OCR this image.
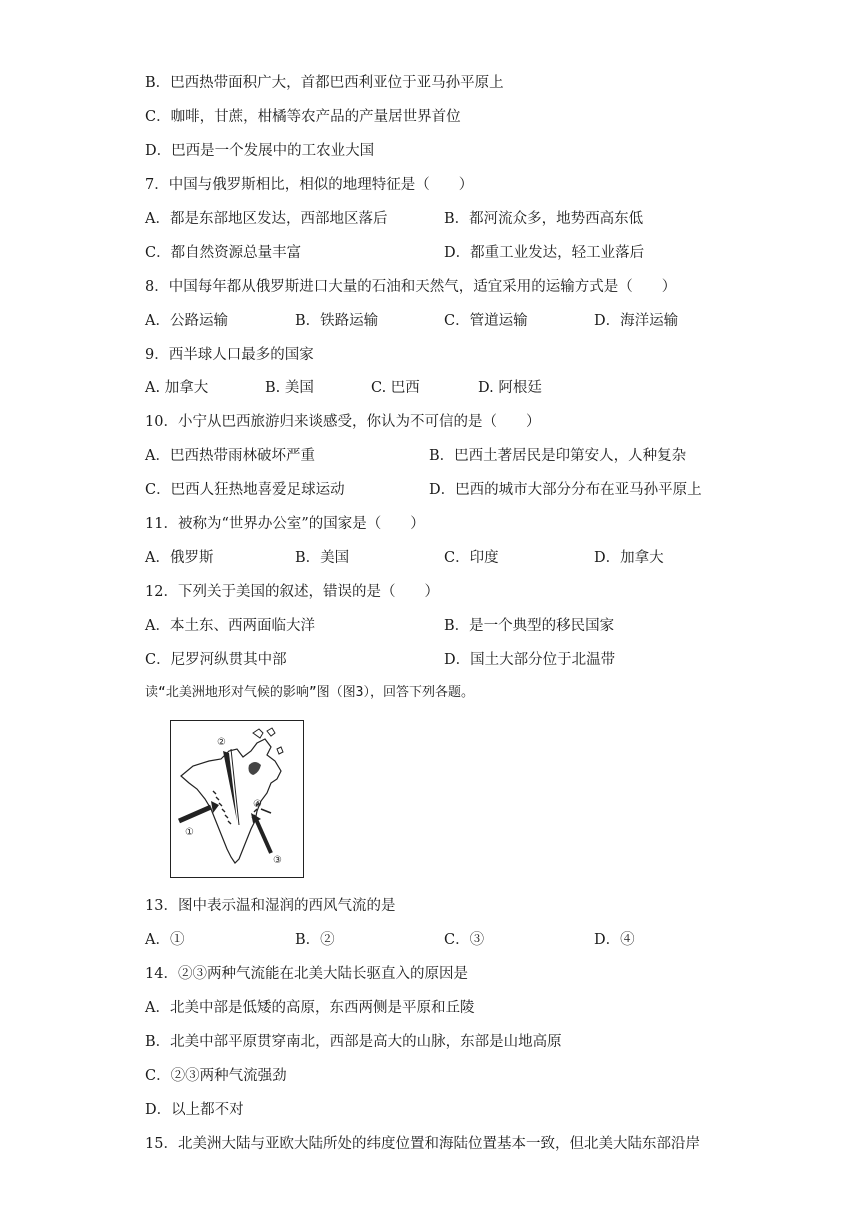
B．巴西热带面积广大，首都巴西利亚位于亚马孙平原上
C．咖啡，甘蔗，柑橘等农产品的产量居世界首位
D．巴西是一个发展中的工农业大国
7．中国与俄罗斯相比，相似的地理特征是（　　）
A．都是东部地区发达，西部地区落后	B．都河流众多，地势西高东低
C．都自然资源总量丰富	D．都重工业发达，轻工业落后
8．中国每年都从俄罗斯进口大量的石油和天然气，适宜采用的运输方式是（　　）
A．公路运输	B．铁路运输	C．管道运输	D．海洋运输
9．西半球人口最多的国家
A. 加拿大	B. 美国	C. 巴西	D. 阿根廷
10．小宁从巴西旅游归来谈感受，你认为不可信的是（　　）
A．巴西热带雨林破坏严重	B．巴西土著居民是印第安人，人种复杂
C．巴西人狂热地喜爱足球运动	D．巴西的城市大部分分布在亚马孙平原上
11．被称为“世界办公室”的国家是（　　）
A．俄罗斯	B．美国	C．印度	D．加拿大
12．下列关于美国的叙述，错误的是（　　）
A．本土东、西两面临大洋	B．是一个典型的移民国家
C．尼罗河纵贯其中部	D．国土大部分位于北温带
读“北美洲地形对气候的影响”图（图3），回答下列各题。
①
②
③
④
13．图中表示温和湿润的西风气流的是
A．①	B．②	C．③	D．④
14．②③两种气流能在北美大陆长驱直入的原因是
A．北美中部是低矮的高原，东西两侧是平原和丘陵
B．北美中部平原贯穿南北，西部是高大的山脉，东部是山地高原
C．②③两种气流强劲
D．以上都不对
15．北美洲大陆与亚欧大陆所处的纬度位置和海陆位置基本一致，但北美大陆东部沿岸
